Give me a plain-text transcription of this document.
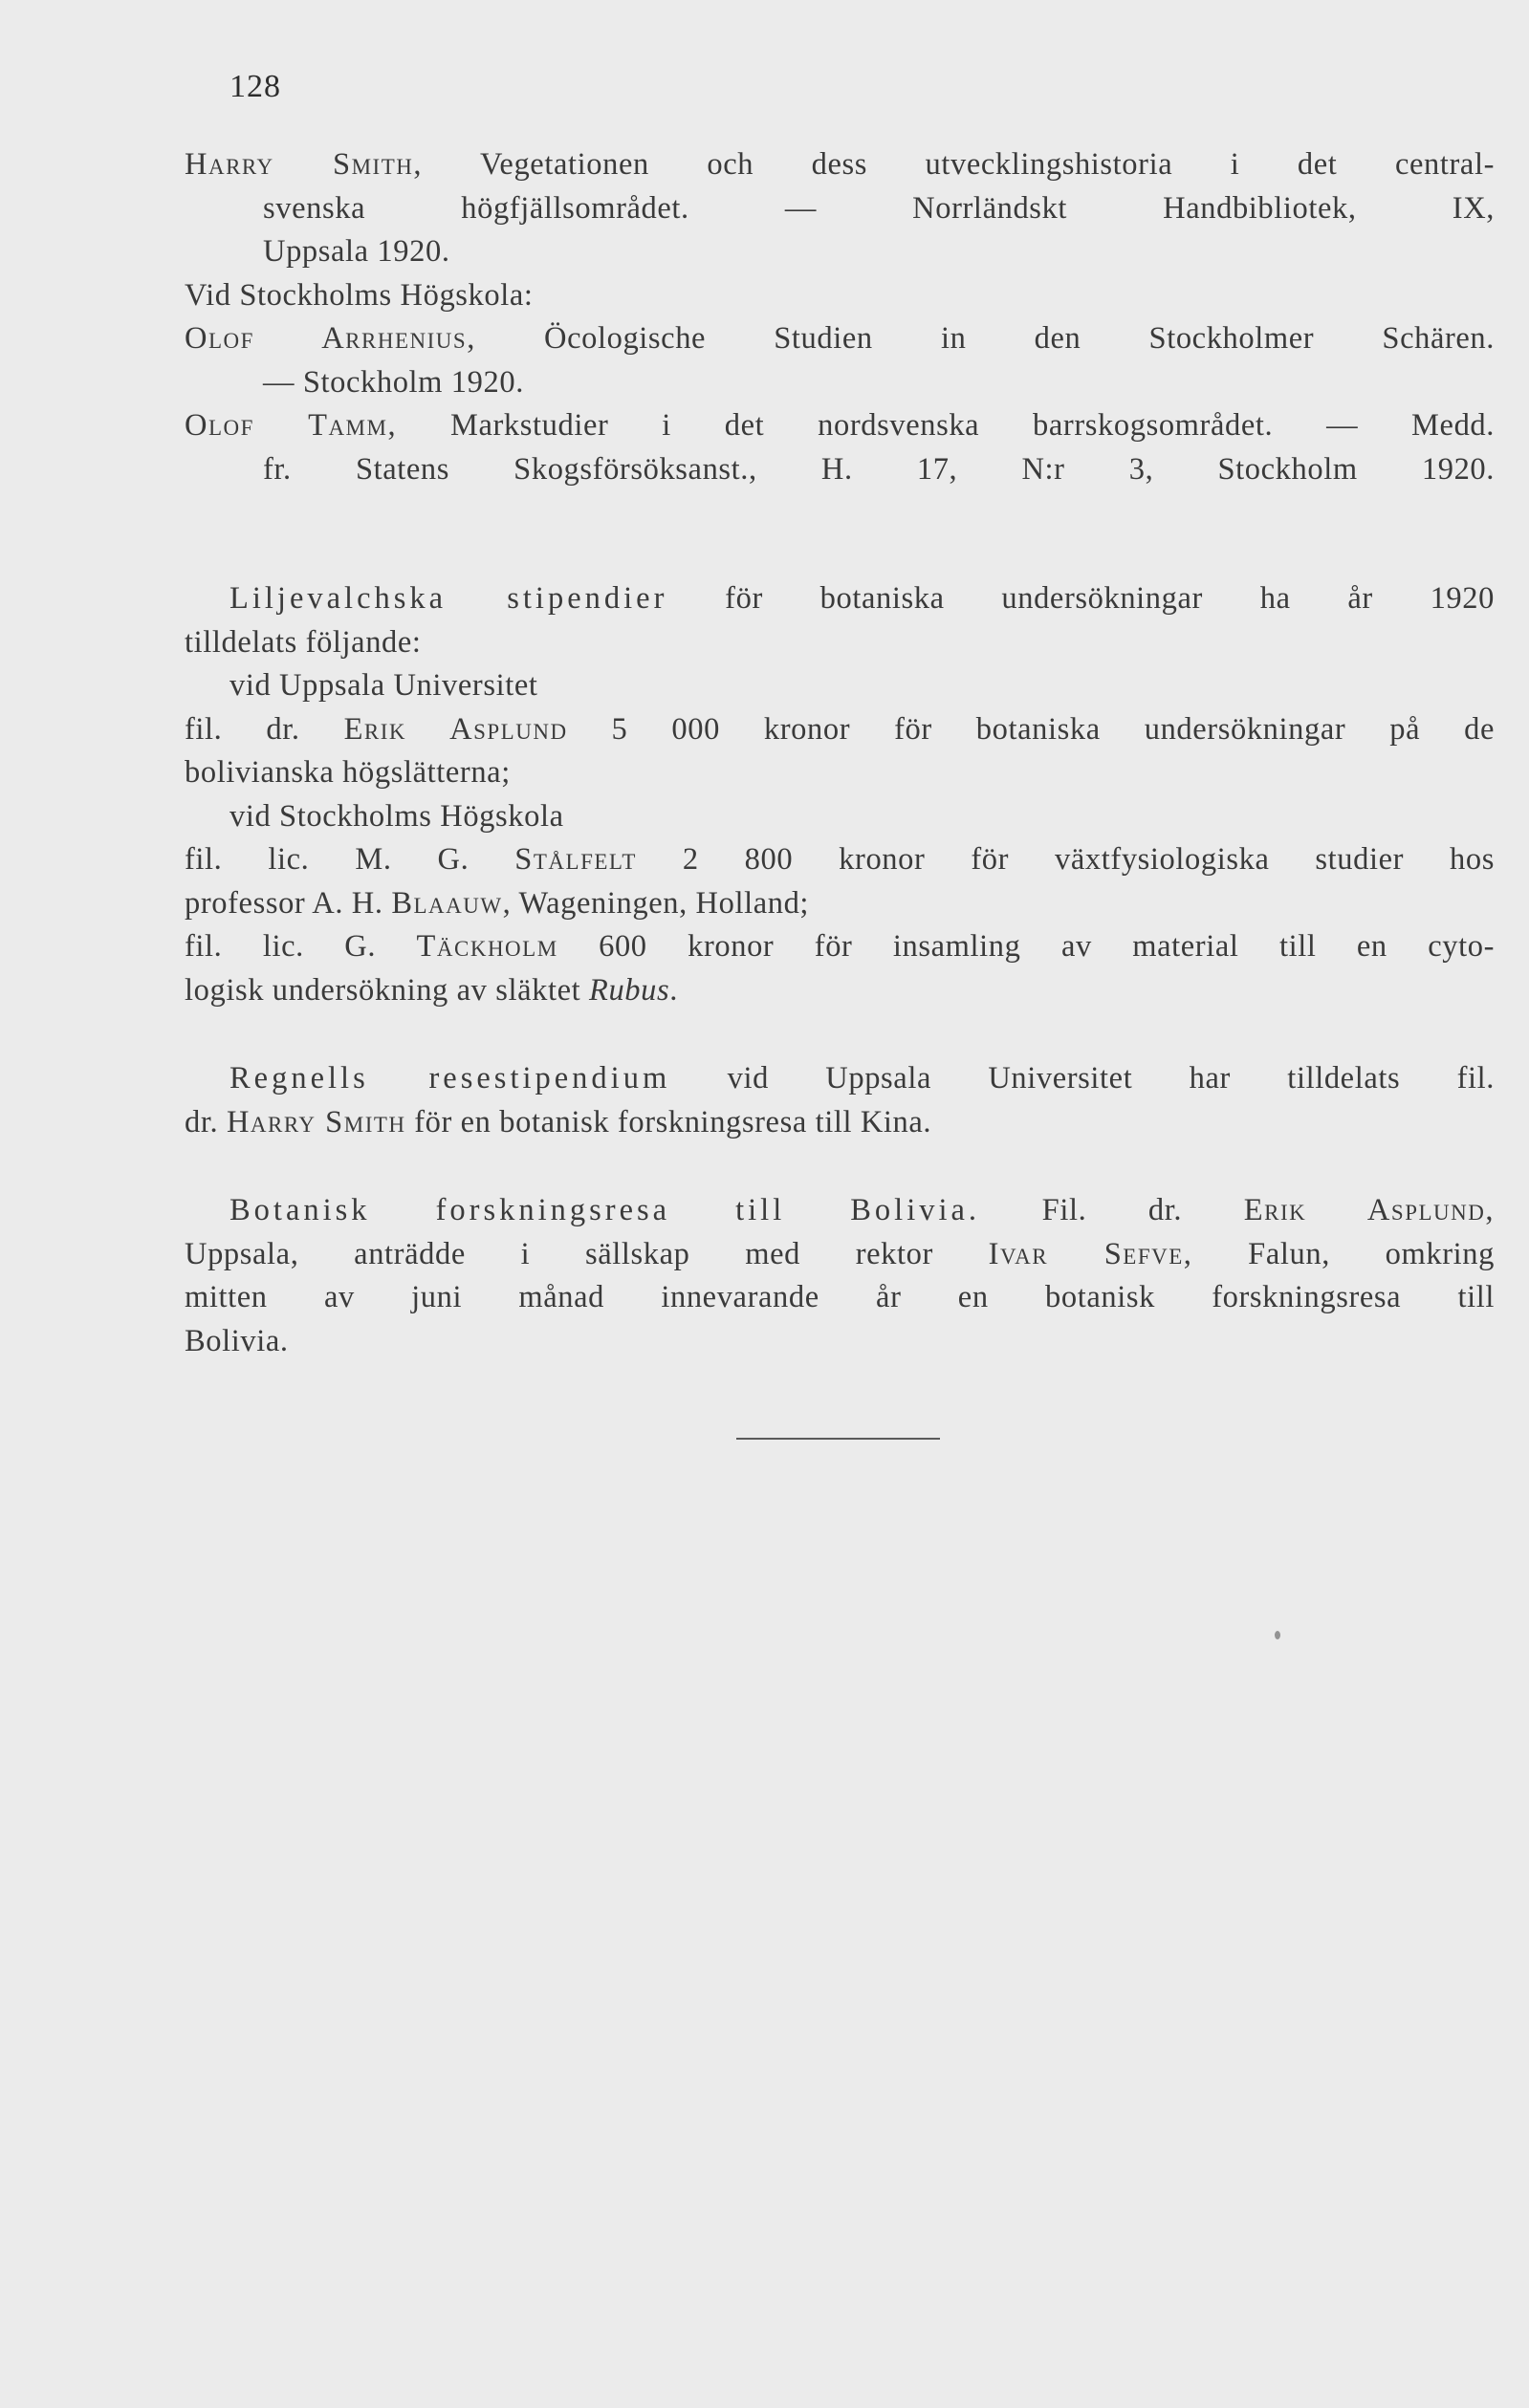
128
Harry Smith, Vegetationen och dess utvecklingshistoria i det central-
svenska högfjällsområdet. — Norrländskt Handbibliotek, IX,
Uppsala 1920.
Vid Stockholms Högskola:
Olof Arrhenius, Öcologische Studien in den Stockholmer Schären.
— Stockholm 1920.
Olof Tamm, Markstudier i det nordsvenska barrskogsområdet. — Medd.
fr. Statens Skogsförsöksanst., H. 17, N:r 3, Stockholm 1920.
Liljevalchska stipendier för botaniska undersökningar ha år 1920
tilldelats följande:
vid Uppsala Universitet
fil. dr. Erik Asplund 5 000 kronor för botaniska undersökningar på de
bolivianska högslätterna;
vid Stockholms Högskola
fil. lic. M. G. Stålfelt 2 800 kronor för växtfysiologiska studier hos
professor A. H. Blaauw, Wageningen, Holland;
fil. lic. G. Täckholm 600 kronor för insamling av material till en cyto-
logisk undersökning av släktet Rubus.
Regnells resestipendium vid Uppsala Universitet har tilldelats fil.
dr. Harry Smith för en botanisk forskningsresa till Kina.
Botanisk forskningsresa till Bolivia. Fil. dr. Erik Asplund,
Uppsala, anträdde i sällskap med rektor Ivar Sefve, Falun, omkring
mitten av juni månad innevarande år en botanisk forskningsresa till
Bolivia.
